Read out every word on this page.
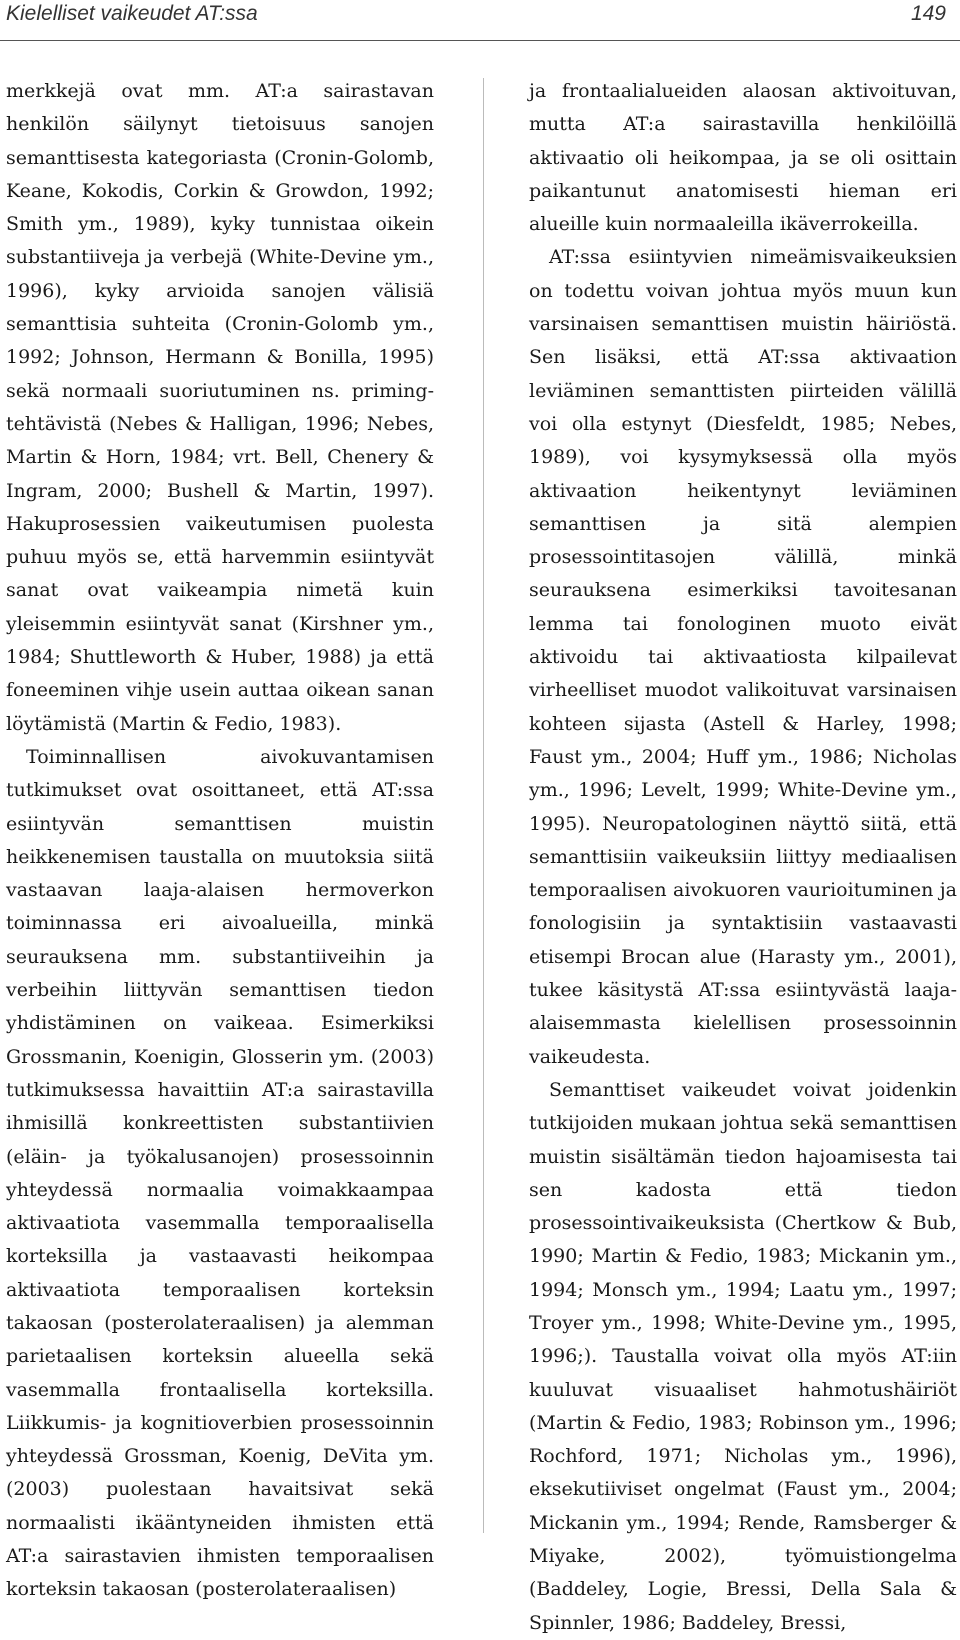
Kielelliset vaikeudet AT:ssa	149

merkkejä ovat mm. AT:a sairastavan henkilön säilynyt tietoisuus sanojen semanttisesta kategoriasta (Cronin-Golomb, Keane, Kokodis, Corkin & Growdon, 1992; Smith ym., 1989), kyky tunnistaa oikein substantiiveja ja verbejä (White-Devine ym., 1996), kyky arvioida sanojen välisiä semanttisia suhteita (Cronin-Golomb ym., 1992; Johnson, Hermann & Bonilla, 1995) sekä normaali suoriutuminen ns. priming-tehtävistä (Nebes & Halligan, 1996; Nebes, Martin & Horn, 1984; vrt. Bell, Chenery & Ingram, 2000; Bushell & Martin, 1997). Hakuprosessien vaikeutumisen puolesta puhuu myös se, että harvemmin esiintyvät sanat ovat vaikeampia nimetä kuin yleisemmin esiintyvät sanat (Kirshner ym., 1984; Shuttleworth & Huber, 1988) ja että foneeminen vihje usein auttaa oikean sanan löytämistä (Martin & Fedio, 1983).

Toiminnallisen aivokuvantamisen tutkimukset ovat osoittaneet, että AT:ssa esiintyvän semanttisen muistin heikkenemisen taustalla on muutoksia siitä vastaavan laaja-alaisen hermoverkon toiminnassa eri aivoalueilla, minkä seurauksena mm. substantiiveihin ja verbeihin liittyvän semanttisen tiedon yhdistäminen on vaikeaa. Esimerkiksi Grossmanin, Koenigin, Glosserin ym. (2003) tutkimuksessa havaittiin AT:a sairastavilla ihmisillä konkreettisten substantiivien (eläin- ja työkalusanojen) prosessoinnin yhteydessä normaalia voimakkaampaa aktivaatiota vasemmalla temporaalisella korteksilla ja vastaavasti heikompaa aktivaatiota temporaalisen korteksin takaosan (posterolateraalisen) ja alemman parietaalisen korteksin alueella sekä vasemmalla frontaalisella korteksilla. Liikkumis- ja kognitioverbien prosessoinnin yhteydessä Grossman, Koenig, DeVita ym. (2003) puolestaan havaitsivat sekä normaalisti ikääntyneiden ihmisten että AT:a sairastavien ihmisten temporaalisen korteksin takaosan (posterolateraalisen)

ja frontaalialueiden alaosan aktivoituvan, mutta AT:a sairastavilla henkilöillä aktivaatio oli heikompaa, ja se oli osittain paikantunut anatomisesti hieman eri alueille kuin normaaleilla ikäverrokeilla.

AT:ssa esiintyvien nimeämisvaikeuksien on todettu voivan johtua myös muun kun varsinaisen semanttisen muistin häiriöstä. Sen lisäksi, että AT:ssa aktivaation leviäminen semanttisten piirteiden välillä voi olla estynyt (Diesfeldt, 1985; Nebes, 1989), voi kysymyksessä olla myös aktivaation heikentynyt leviäminen semanttisen ja sitä alempien prosessointitasojen välillä, minkä seurauksena esimerkiksi tavoitesanan lemma tai fonologinen muoto eivät aktivoidu tai aktivaatiosta kilpailevat virheelliset muodot valikoituvat varsinaisen kohteen sijasta (Astell & Harley, 1998; Faust ym., 2004; Huff ym., 1986; Nicholas ym., 1996; Levelt, 1999; White-Devine ym., 1995). Neuropatologinen näyttö siitä, että semanttisiin vaikeuksiin liittyy mediaalisen temporaalisen aivokuoren vaurioituminen ja fonologisiin ja syntaktisiin vastaavasti etisempi Brocan alue (Harasty ym., 2001), tukee käsitystä AT:ssa esiintyvästä laaja-alaisemmasta kielellisen prosessoinnin vaikeudesta.

Semanttiset vaikeudet voivat joidenkin tutkijoiden mukaan johtua sekä semanttisen muistin sisältämän tiedon hajoamisesta tai sen kadosta että tiedon prosessointivaikeuksista (Chertkow & Bub, 1990; Martin & Fedio, 1983; Mickanin ym., 1994; Monsch ym., 1994; Laatu ym., 1997; Troyer ym., 1998; White-Devine ym., 1995, 1996;). Taustalla voivat olla myös AT:iin kuuluvat visuaaliset hahmotushäiriöt (Martin & Fedio, 1983; Robinson ym., 1996; Rochford, 1971; Nicholas ym., 1996), eksekutiiviset ongelmat (Faust ym., 2004; Mickanin ym., 1994; Rende, Ramsberger & Miyake, 2002), työmuistiongelma (Baddeley, Logie, Bressi, Della Sala & Spinnler, 1986; Baddeley, Bressi,
